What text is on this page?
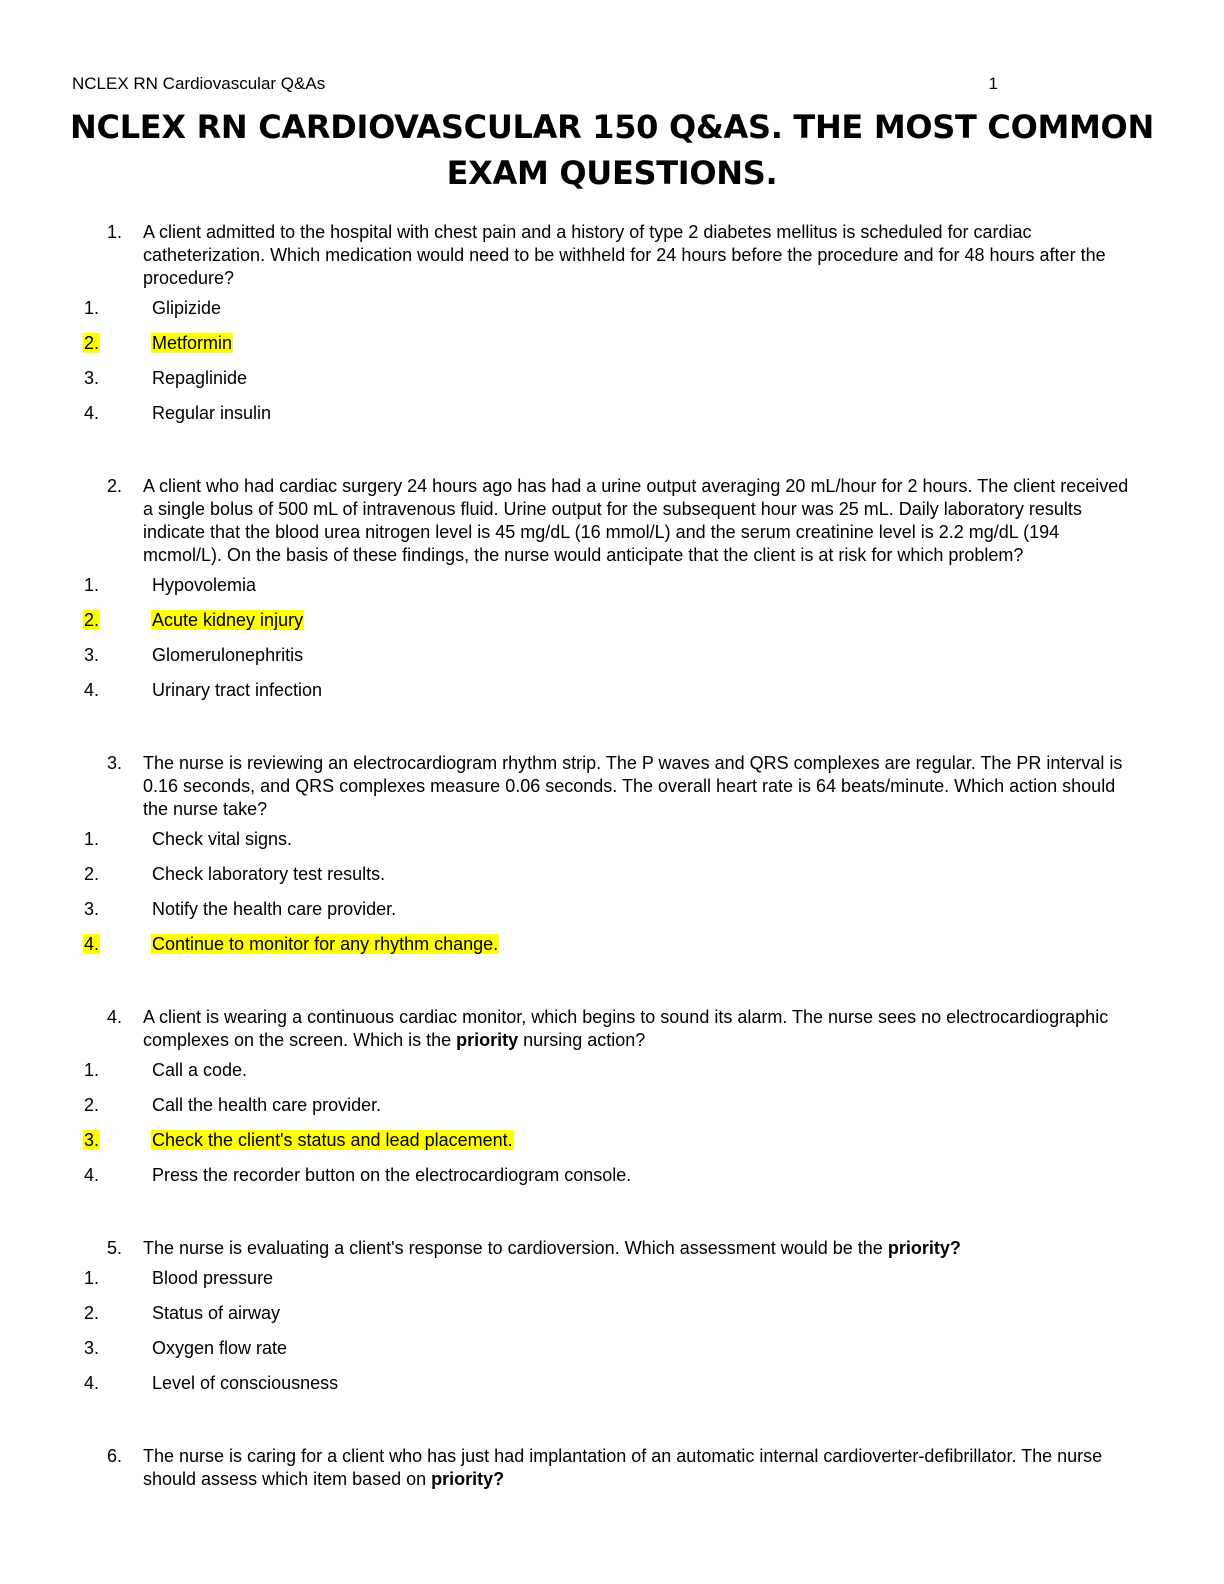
NCLEX RN Cardiovascular Q&As	1
NCLEX RN CARDIOVASCULAR 150 Q&AS. THE MOST COMMON EXAM QUESTIONS.
1. A client admitted to the hospital with chest pain and a history of type 2 diabetes mellitus is scheduled for cardiac catheterization. Which medication would need to be withheld for 24 hours before the procedure and for 48 hours after the procedure?
1.	Glipizide
2.	Metformin
3.	Repaglinide
4.	Regular insulin
2. A client who had cardiac surgery 24 hours ago has had a urine output averaging 20 mL/hour for 2 hours. The client received a single bolus of 500 mL of intravenous fluid. Urine output for the subsequent hour was 25 mL. Daily laboratory results indicate that the blood urea nitrogen level is 45 mg/dL (16 mmol/L) and the serum creatinine level is 2.2 mg/dL (194 mcmol/L). On the basis of these findings, the nurse would anticipate that the client is at risk for which problem?
1.	Hypovolemia
2.	Acute kidney injury
3.	Glomerulonephritis
4.	Urinary tract infection
3. The nurse is reviewing an electrocardiogram rhythm strip. The P waves and QRS complexes are regular. The PR interval is 0.16 seconds, and QRS complexes measure 0.06 seconds. The overall heart rate is 64 beats/minute. Which action should the nurse take?
1.	Check vital signs.
2.	Check laboratory test results.
3.	Notify the health care provider.
4.	Continue to monitor for any rhythm change.
4. A client is wearing a continuous cardiac monitor, which begins to sound its alarm. The nurse sees no electrocardiographic complexes on the screen. Which is the priority nursing action?
1.	Call a code.
2.	Call the health care provider.
3.	Check the client's status and lead placement.
4.	Press the recorder button on the electrocardiogram console.
5. The nurse is evaluating a client's response to cardioversion. Which assessment would be the priority?
1.	Blood pressure
2.	Status of airway
3.	Oxygen flow rate
4.	Level of consciousness
6. The nurse is caring for a client who has just had implantation of an automatic internal cardioverter-defibrillator. The nurse should assess which item based on priority?
